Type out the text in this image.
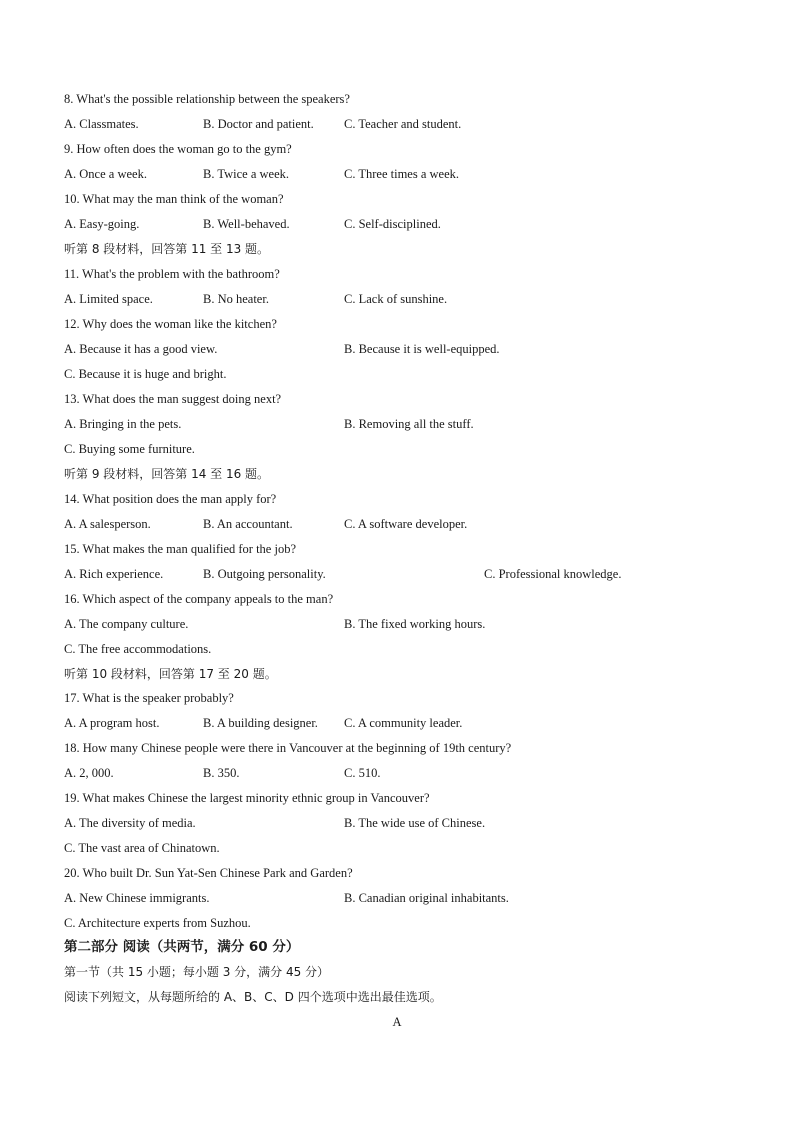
8. What's the possible relationship between the speakers?
A. Classmates.	B. Doctor and patient. C. Teacher and student.
9. How often does the woman go to the gym?
A. Once a week.	B. Twice a week.	C. Three times a week.
10. What may the man think of the woman?
A. Easy-going.	B. Well-behaved.	C. Self-disciplined.
听第 8 段材料，回答第 11 至 13 题。
11. What's the problem with the bathroom?
A. Limited space.	B. No heater.	C. Lack of sunshine.
12. Why does the woman like the kitchen?
A. Because it has a good view.	B. Because it is well-equipped.
C. Because it is huge and bright.
13. What does the man suggest doing next?
A. Bringing in the pets.	B. Removing all the stuff.
C. Buying some furniture.
听第 9 段材料，回答第 14 至 16 题。
14. What position does the man apply for?
A. A salesperson.	B. An accountant.	C. A software developer.
15. What makes the man qualified for the job?
A. Rich experience.	B. Outgoing personality.	C. Professional knowledge.
16. Which aspect of the company appeals to the man?
A. The company culture.	B. The fixed working hours.
C. The free accommodations.
听第 10 段材料，回答第 17 至 20 题。
17. What is the speaker probably?
A. A program host.	B. A building designer. C. A community leader.
18. How many Chinese people were there in Vancouver at the beginning of 19th century?
A. 2, 000.	B. 350.	C. 510.
19. What makes Chinese the largest minority ethnic group in Vancouver?
A. The diversity of media.	B. The wide use of Chinese.
C. The vast area of Chinatown.
20. Who built Dr. Sun Yat-Sen Chinese Park and Garden?
A. New Chinese immigrants.	B. Canadian original inhabitants.
C. Architecture experts from Suzhou.
第二部分 阅读（共两节，满分 60 分）
第一节（共 15 小题；每小题 3 分，满分 45 分）
阅读下列短文，从每题所给的 A、B、C、D 四个选项中选出最佳选项。
A
